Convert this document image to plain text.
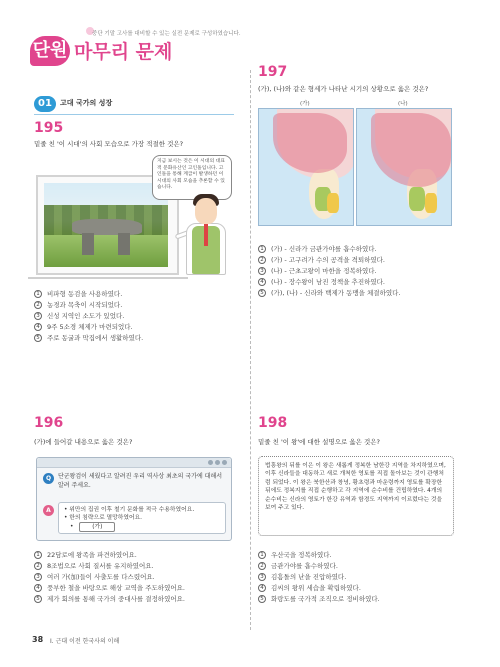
중단 기말 고사를 대비할 수 있는 실전 문제로 구성하였습니다.
단원 마무리 문제
01	고대 국가의 성장
195
밑줄 친 '이 시대'의 사회 모습으로 가장 적절한 것은?
지금 보시는 것은 이 시대의 대표적 문화유산인 고인돌입니다. 고인돌을 통해 계급이 발생하던 이 시대의 사회 모습을 추론할 수 있습니다.
1	비파형 동검을 사용하였다.
2	농경과 목축이 시작되었다.
3	신성 지역인 소도가 있었다.
4	9주 5소경 체제가 마련되었다.
5	주로 동굴과 막집에서 생활하였다.
197
(가), (나)와 같은 형세가 나타난 시기의 상황으로 옳은 것은?
(가)	(나)
1	(가) - 신라가 금관가야를 흡수하였다.
2	(가) - 고구려가 수의 공격을 격퇴하였다.
3	(나) - 근초고왕이 마한을 정복하였다.
4	(나) - 장수왕이 남진 정책을 추진하였다.
5	(가), (나) - 신라와 백제가 동맹을 체결하였다.
196
(가)에 들어갈 내용으로 옳은 것은?
Q	단군왕검이 세웠다고 알려진 우리 역사상 최초의 국가에 대해서 알려 주세요.
A	• 위만의 집권 이후 철기 문화를 적극 수용하였어요.
• 한의 침략으로 멸망하였어요.
•	(가)
1	22담로에 왕족을 파견하였어요.
2	8조법으로 사회 질서를 유지하였어요.
3	여러 가(加)들이 사출도를 다스렸어요.
4	풍부한 철을 바탕으로 해상 교역을 주도하였어요.
5	제가 회의를 통해 국가의 중대사를 결정하였어요.
198
밑줄 친 '이 왕'에 대한 설명으로 옳은 것은?
법흥왕의 뒤를 이은 이 왕은 새롭게 정복한 남한강 지역을 차지하였으며, 이후 신라들을 대동하고 새로 개척한 영토를 직접 돌아보는 것이 관행처럼 되었다. 이 왕은 북한산과 창녕, 황초령과 마운령까지 영토를 확장한 뒤에도 정복지를 직접 순행하고 각 지역에 순수비를 건립하였다. 4개의 순수비는 신라의 영토가 한강 유역과 함경도 지역까지 이르렀다는 것을 보여 주고 있다.
1	우산국을 정복하였다.
2	금관가야를 흡수하였다.
3	김흠돌의 난을 진압하였다.
4	김씨의 왕위 세습을 확립하였다.
5	화랑도를 국가적 조직으로 정비하였다.
38 Ⅰ. 근대 이전 한국사의 이해
